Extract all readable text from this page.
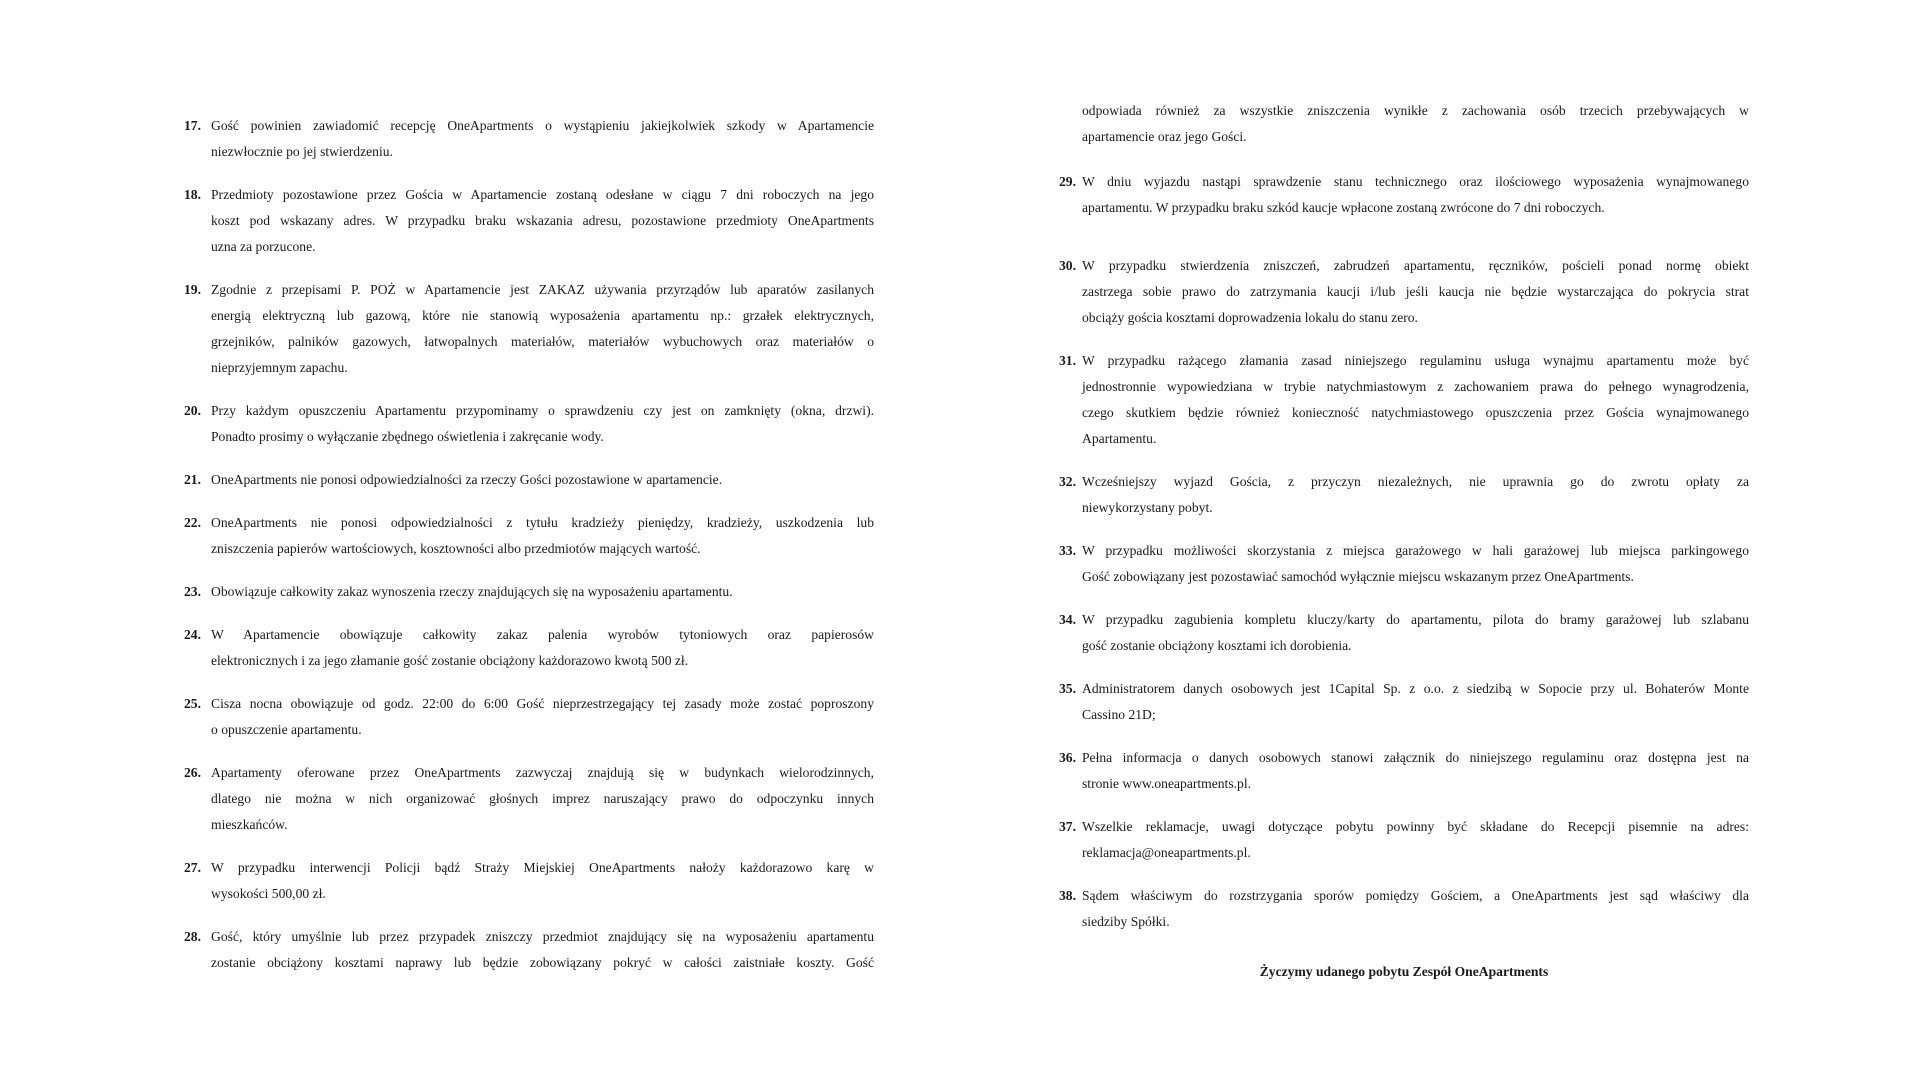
17. Gość powinien zawiadomić recepcję OneApartments o wystąpieniu jakiejkolwiek szkody w Apartamencie
niezwłocznie po jej stwierdzeniu.
18. Przedmioty pozostawione przez Gościa w Apartamencie zostaną odesłane w ciągu 7 dni roboczych na jego
koszt pod wskazany adres. W przypadku braku wskazania adresu, pozostawione przedmioty OneApartments
uzna za porzucone.
19. Zgodnie z przepisami P. POŻ w Apartamencie jest ZAKAZ używania przyrządów lub aparatów zasilanych
energią elektryczną lub gazową, które nie stanowią wyposażenia apartamentu np.: grzałek elektrycznych,
grzejników, palników gazowych, łatwopalnych materiałów, materiałów wybuchowych oraz materiałów o
nieprzyjemnym zapachu.
20. Przy każdym opuszczeniu Apartamentu przypominamy o sprawdzeniu czy jest on zamknięty (okna, drzwi).
Ponadto prosimy o wyłączanie zbędnego oświetlenia i zakręcanie wody.
21. OneApartments nie ponosi odpowiedzialności za rzeczy Gości pozostawione w apartamencie.
22. OneApartments nie ponosi odpowiedzialności z tytułu kradzieży pieniędzy, kradzieży, uszkodzenia lub
zniszczenia papierów wartościowych, kosztowności albo przedmiotów mających wartość.
23. Obowiązuje całkowity zakaz wynoszenia rzeczy znajdujących się na wyposażeniu apartamentu.
24. W Apartamencie obowiązuje całkowity zakaz palenia wyrobów tytoniowych oraz papierosów
elektronicznych i za jego złamanie gość zostanie obciążony każdorazowo kwotą 500 zł.
25. Cisza nocna obowiązuje od godz. 22:00 do 6:00 Gość nieprzestrzegający tej zasady może zostać poproszony
o opuszczenie apartamentu.
26. Apartamenty oferowane przez OneApartments zazwyczaj znajdują się w budynkach wielorodzinnych,
dlatego nie można w nich organizować głośnych imprez naruszający prawo do odpoczynku innych
mieszkańców.
27. W przypadku interwencji Policji bądź Straży Miejskiej OneApartments nałoży każdorazowo karę w
wysokości 500,00 zł.
28. Gość, który umyślnie lub przez przypadek zniszczy przedmiot znajdujący się na wyposażeniu apartamentu
zostanie obciążony kosztami naprawy lub będzie zobowiązany pokryć w całości zaistniałe koszty. Gość
odpowiada również za wszystkie zniszczenia wynikłe z zachowania osób trzecich przebywających w
apartamencie oraz jego Gości.
29. W dniu wyjazdu nastąpi sprawdzenie stanu technicznego oraz ilościowego wyposażenia wynajmowanego
apartamentu. W przypadku braku szkód kaucje wpłacone zostaną zwrócone do 7 dni roboczych.
30. W przypadku stwierdzenia zniszczeń, zabrudzeń apartamentu, ręczników, pościeli ponad normę obiekt
zastrzega sobie prawo do zatrzymania kaucji i/lub jeśli kaucja nie będzie wystarczająca do pokrycia strat
obciąży gościa kosztami doprowadzenia lokalu do stanu zero.
31. W przypadku rażącego złamania zasad niniejszego regulaminu usługa wynajmu apartamentu może być
jednostronnie wypowiedziana w trybie natychmiastowym z zachowaniem prawa do pełnego wynagrodzenia,
czego skutkiem będzie również konieczność natychmiastowego opuszczenia przez Gościa wynajmowanego
Apartamentu.
32. Wcześniejszy wyjazd Gościa, z przyczyn niezależnych, nie uprawnia go do zwrotu opłaty za
niewykorzystany pobyt.
33. W przypadku możliwości skorzystania z miejsca garażowego w hali garażowej lub miejsca parkingowego
Gość zobowiązany jest pozostawiać samochód wyłącznie miejscu wskazanym przez OneApartments.
34. W przypadku zagubienia kompletu kluczy/karty do apartamentu, pilota do bramy garażowej lub szlabanu
gość zostanie obciążony kosztami ich dorobienia.
35. Administratorem danych osobowych jest 1Capital Sp. z o.o. z siedzibą w Sopocie przy ul. Bohaterów Monte
Cassino 21D;
36. Pełna informacja o danych osobowych stanowi załącznik do niniejszego regulaminu oraz dostępna jest na
stronie www.oneapartments.pl.
37. Wszelkie reklamacje, uwagi dotyczące pobytu powinny być składane do Recepcji pisemnie na adres:
reklamacja@oneapartments.pl.
38. Sądem właściwym do rozstrzygania sporów pomiędzy Gościem, a OneApartments jest sąd właściwy dla
siedziby Spółki.
Życzymy udanego pobytu Zespół OneApartments
